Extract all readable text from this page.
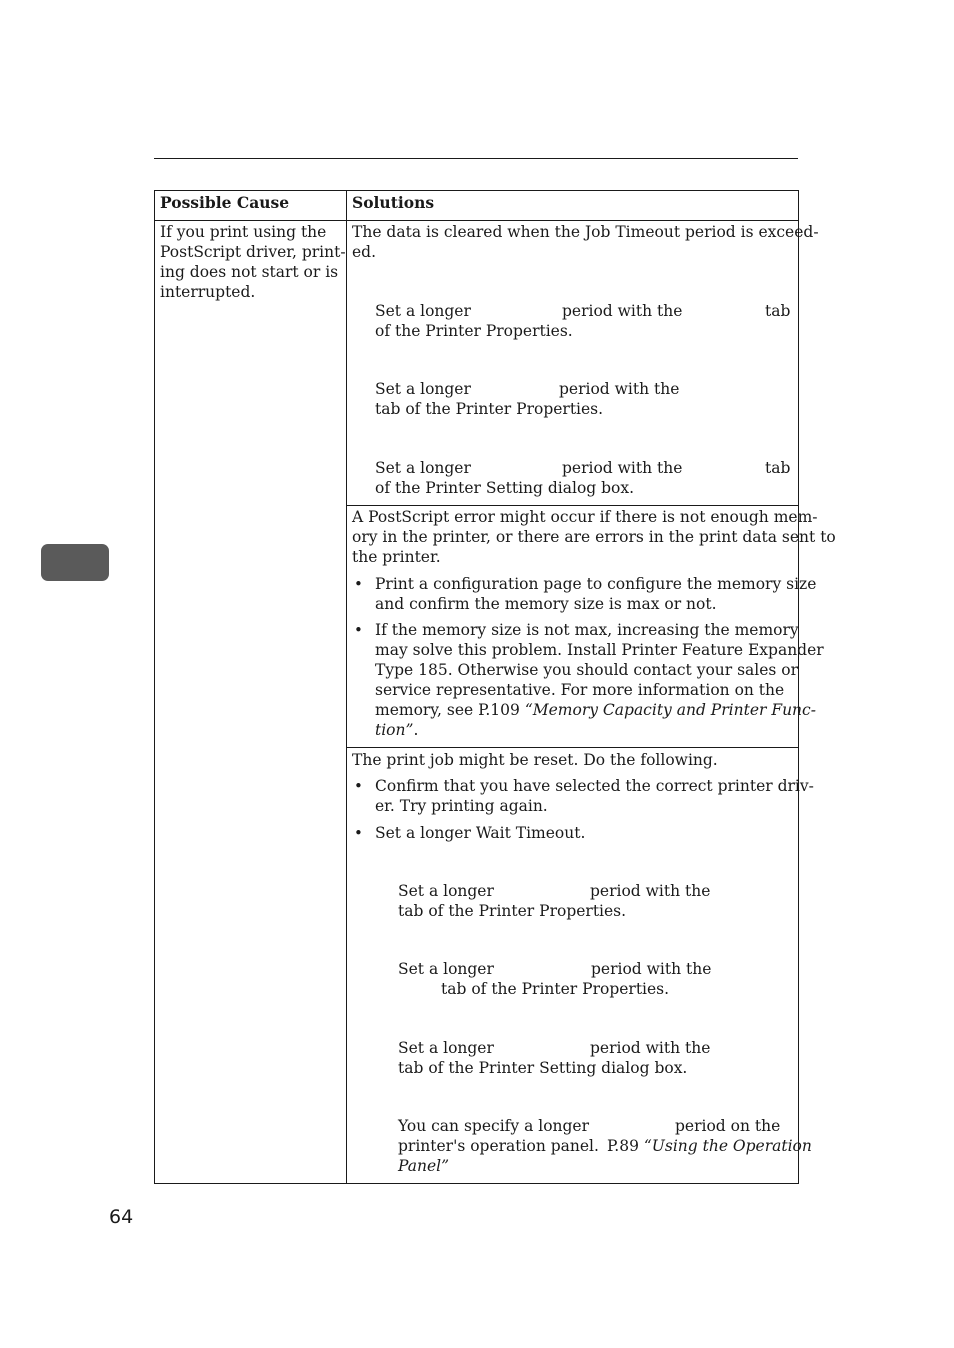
Possible Cause	Solutions
If you print using the
PostScript driver, print-
ing does not start or is
interrupted.
The data is cleared when the Job Timeout period is exceed-
ed.
Set a longer	period with the	tab
of the Printer Properties.
Set a longer	period with the
tab of the Printer Properties.
Set a longer	period with the	tab
of the Printer Setting dialog box.
A PostScript error might occur if there is not enough mem-
ory in the printer, or there are errors in the print data sent to
the printer.
• Print a configuration page to configure the memory size
and confirm the memory size is max or not.
• If the memory size is not max, increasing the memory
may solve this problem. Install Printer Feature Expander
Type 185. Otherwise you should contact your sales or
service representative. For more information on the
memory, see P.109 “Memory Capacity and Printer Func-
tion”.
The print job might be reset. Do the following.
• Confirm that you have selected the correct printer driv-
er. Try printing again.
• Set a longer Wait Timeout.
Set a longer	period with the
tab of the Printer Properties.
Set a longer	period with the
tab of the Printer Properties.
Set a longer	period with the
tab of the Printer Setting dialog box.
You can specify a longer	period on the
printer's operation panel. P.89 “Using the Operation
Panel”
64
